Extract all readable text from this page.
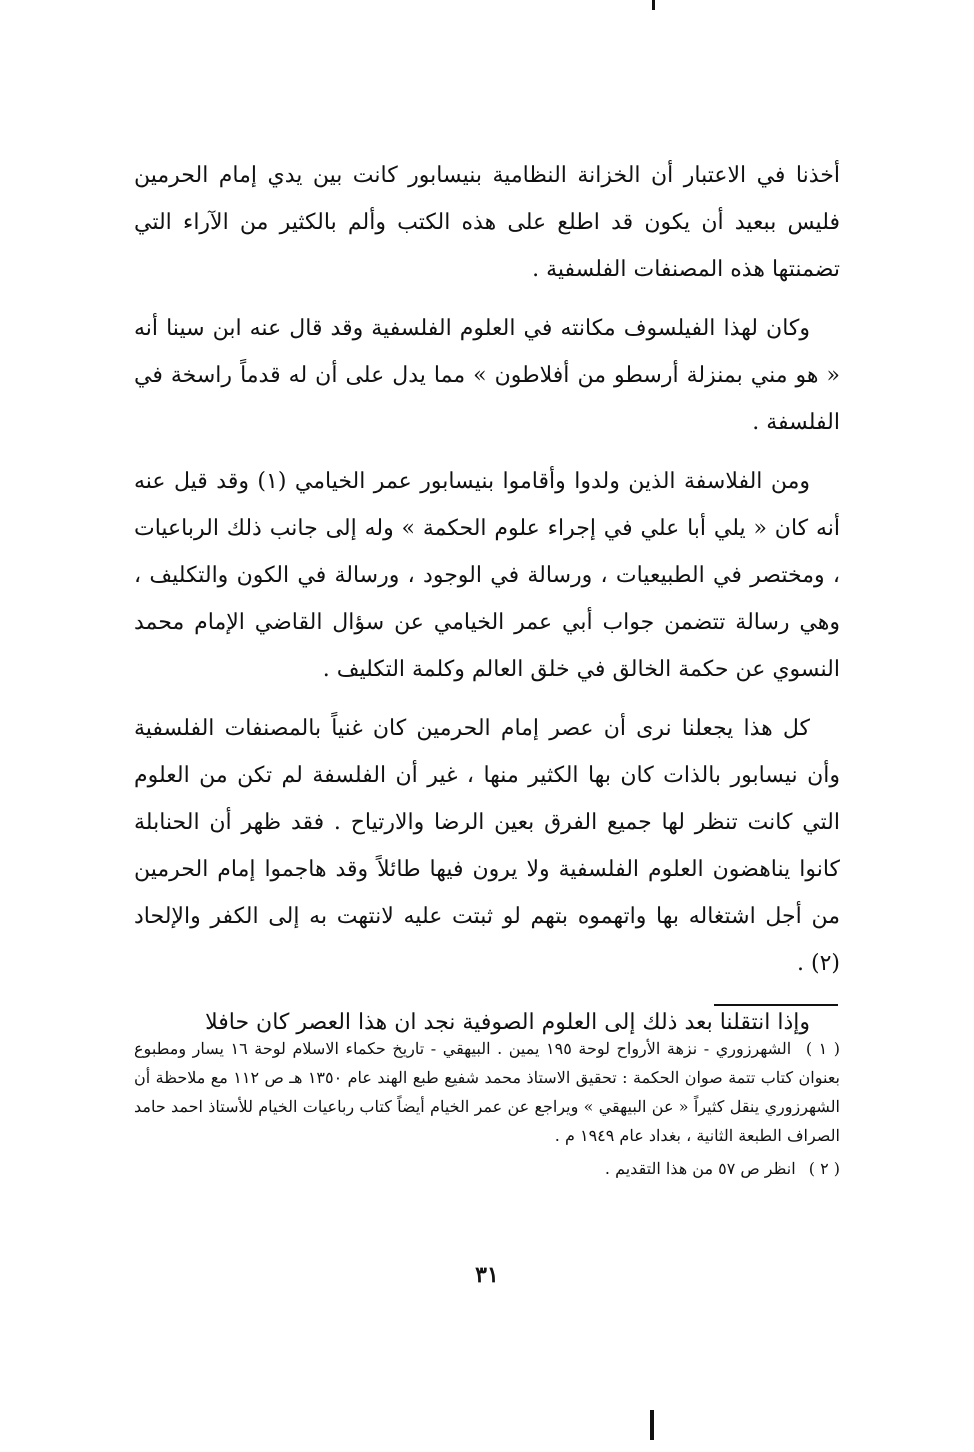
أخذنا في الاعتبار أن الخزانة النظامية بنيسابور كانت بين يدي إمام الحرمين فليس ببعيد أن يكون قد اطلع على هذه الكتب وألم بالكثير من الآراء التي تضمنتها هذه المصنفات الفلسفية .

وكان لهذا الفيلسوف مكانته في العلوم الفلسفية وقد قال عنه ابن سينا أنه « هو مني بمنزلة أرسطو من أفلاطون » مما يدل على أن له قدماً راسخة في الفلسفة .

ومن الفلاسفة الذين ولدوا وأقاموا بنيسابور عمر الخيامي (١) وقد قيل عنه أنه كان « يلي أبا علي في إجراء علوم الحكمة » وله إلى جانب ذلك الرباعيات ، ومختصر في الطبيعيات ، ورسالة في الوجود ، ورسالة في الكون والتكليف ، وهي رسالة تتضمن جواب أبي عمر الخيامي عن سؤال القاضي الإمام محمد النسوي عن حكمة الخالق في خلق العالم وكلمة التكليف .

كل هذا يجعلنا نرى أن عصر إمام الحرمين كان غنياً بالمصنفات الفلسفية وأن نيسابور بالذات كان بها الكثير منها ، غير أن الفلسفة لم تكن من العلوم التي كانت تنظر لها جميع الفرق بعين الرضا والارتياح . فقد ظهر أن الحنابلة كانوا يناهضون العلوم الفلسفية ولا يرون فيها طائلاً وقد هاجموا إمام الحرمين من أجل اشتغاله بها واتهموه بتهم لو ثبتت عليه لانتهت به إلى الكفر والإلحاد (٢) .

وإذا انتقلنا بعد ذلك إلى العلوم الصوفية نجد ان هذا العصر كان حافلا

( ١ ) الشهرزوري - نزهة الأرواح لوحة ١٩٥ يمين . البيهقي - تاريخ حكماء الاسلام لوحة ١٦ يسار ومطبوع بعنوان كتاب تتمة صوان الحكمة : تحقيق الاستاذ محمد شفيع طبع الهند عام ١٣٥٠ هـ ص ١١٢ مع ملاحظة أن الشهرزوري ينقل كثيراً « عن البيهقي » ويراجع عن عمر الخيام أيضاً كتاب رباعيات الخيام للأستاذ احمد حامد الصراف الطبعة الثانية ، بغداد عام ١٩٤٩ م .

( ٢ ) انظر ص ٥٧ من هذا التقديم .

٣١
